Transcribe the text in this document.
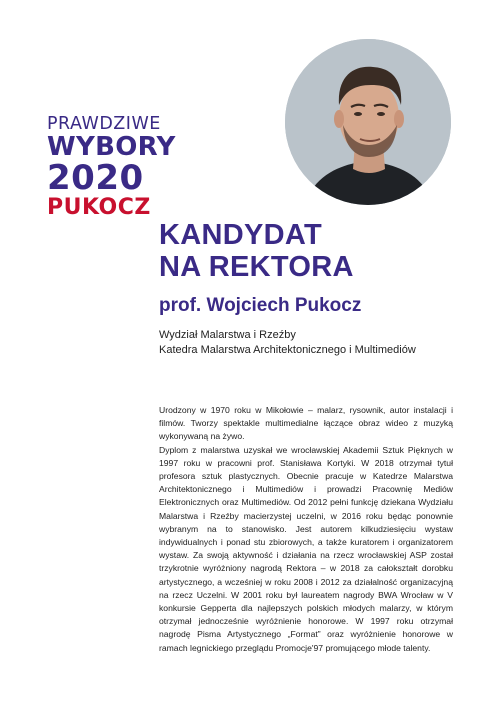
PRAWDZIWE
WYBORY
2020
PUKOCZ
KANDYDAT
NA REKTORA
prof. Wojciech Pukocz
Wydział Malarstwa i Rzeźby
Katedra Malarstwa Architektonicznego i Multimediów

Urodzony w 1970 roku w Mikołowie – malarz, rysownik, autor instalacji i filmów. Tworzy spektakle multimedialne łączące obraz wideo z muzyką wykonywaną na żywo.

Dyplom z malarstwa uzyskał we wrocławskiej Akademii Sztuk Pięknych w 1997 roku w pracowni prof. Stanisława Kortyki. W 2018 otrzymał tytuł profesora sztuk plastycznych. Obecnie pracuje w Katedrze Malarstwa Architektonicznego i Multimediów i prowadzi Pracownię Mediów Elektronicznych oraz Multimediów. Od 2012 pełni funkcję dziekana Wydziału Malarstwa i Rzeźby macierzystej uczelni, w 2016 roku będąc ponownie wybranym na to stanowisko. Jest autorem kilkudziesięciu wystaw indywidualnych i ponad stu zbiorowych, a także kuratorem i organizatorem wystaw. Za swoją aktywność i działania na rzecz wrocławskiej ASP został trzykrotnie wyróżniony nagrodą Rektora – w 2018 za całokształt dorobku artystycznego, a wcześniej w roku 2008 i 2012 za działalność organizacyjną na rzecz Uczelni. W 2001 roku był laureatem nagrody BWA Wrocław w V konkursie Gepperta dla najlepszych polskich młodych malarzy, w którym otrzymał jednocześnie wyróżnienie honorowe. W 1997 roku otrzymał nagrodę Pisma Artystycznego „Format” oraz wyróżnienie honorowe w ramach legnickiego przeglądu Promocje'97 promującego młode talenty.
